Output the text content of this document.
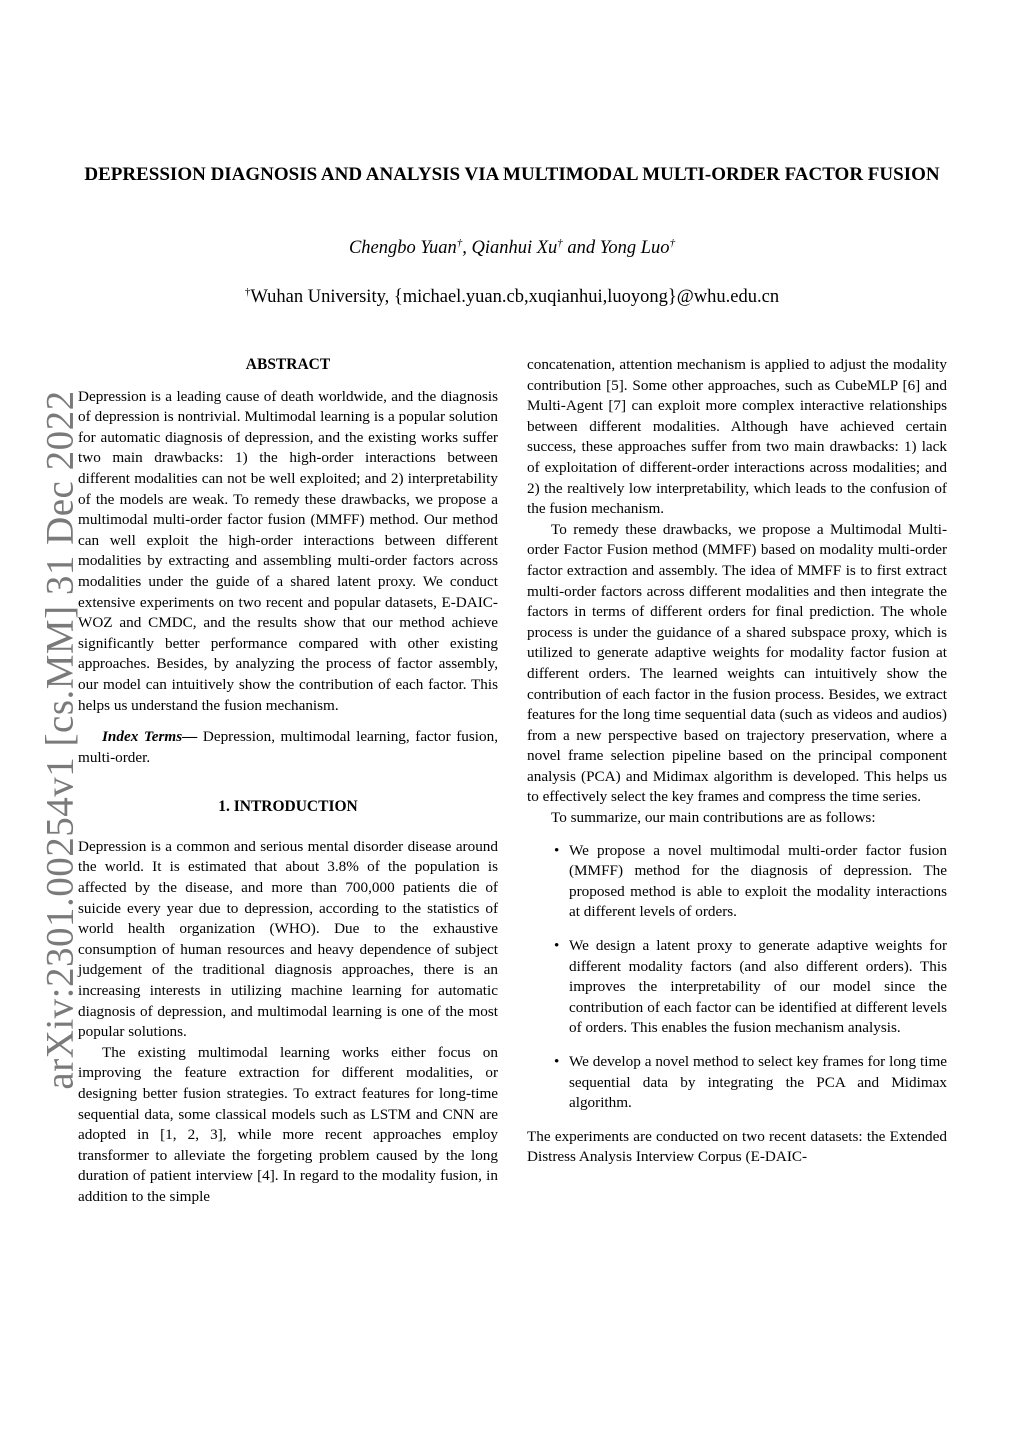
arXiv:2301.00254v1 [cs.MM] 31 Dec 2022
DEPRESSION DIAGNOSIS AND ANALYSIS VIA MULTIMODAL MULTI-ORDER FACTOR FUSION
Chengbo Yuan†, Qianhui Xu† and Yong Luo†
†Wuhan University, {michael.yuan.cb,xuqianhui,luoyong}@whu.edu.cn
ABSTRACT

Depression is a leading cause of death worldwide, and the diagnosis of depression is nontrivial. Multimodal learning is a popular solution for automatic diagnosis of depression, and the existing works suffer two main drawbacks: 1) the high-order interactions between different modalities can not be well exploited; and 2) interpretability of the models are weak. To remedy these drawbacks, we propose a multimodal multi-order factor fusion (MMFF) method. Our method can well exploit the high-order interactions between different modalities by extracting and assembling multi-order factors across modalities under the guide of a shared latent proxy. We conduct extensive experiments on two recent and popular datasets, E-DAIC-WOZ and CMDC, and the results show that our method achieve significantly better performance compared with other existing approaches. Besides, by analyzing the process of factor assembly, our model can intuitively show the contribution of each factor. This helps us understand the fusion mechanism.

Index Terms— Depression, multimodal learning, factor fusion, multi-order.

1. INTRODUCTION

Depression is a common and serious mental disorder disease around the world. It is estimated that about 3.8% of the population is affected by the disease, and more than 700,000 patients die of suicide every year due to depression, according to the statistics of world health organization (WHO). Due to the exhaustive consumption of human resources and heavy dependence of subject judgement of the traditional diagnosis approaches, there is an increasing interests in utilizing machine learning for automatic diagnosis of depression, and multimodal learning is one of the most popular solutions.

The existing multimodal learning works either focus on improving the feature extraction for different modalities, or designing better fusion strategies. To extract features for long-time sequential data, some classical models such as LSTM and CNN are adopted in [1, 2, 3], while more recent approaches employ transformer to alleviate the forgeting problem caused by the long duration of patient interview [4]. In regard to the modality fusion, in addition to the simple

concatenation, attention mechanism is applied to adjust the modality contribution [5]. Some other approaches, such as CubeMLP [6] and Multi-Agent [7] can exploit more complex interactive relationships between different modalities. Although have achieved certain success, these approaches suffer from two main drawbacks: 1) lack of exploitation of different-order interactions across modalities; and 2) the realtively low interpretability, which leads to the confusion of the fusion mechanism.

To remedy these drawbacks, we propose a Multimodal Multi-order Factor Fusion method (MMFF) based on modality multi-order factor extraction and assembly. The idea of MMFF is to first extract multi-order factors across different modalities and then integrate the factors in terms of different orders for final prediction. The whole process is under the guidance of a shared subspace proxy, which is utilized to generate adaptive weights for modality factor fusion at different orders. The learned weights can intuitively show the contribution of each factor in the fusion process. Besides, we extract features for the long time sequential data (such as videos and audios) from a new perspective based on trajectory preservation, where a novel frame selection pipeline based on the principal component analysis (PCA) and Midimax algorithm is developed. This helps us to effectively select the key frames and compress the time series.

To summarize, our main contributions are as follows:

• We propose a novel multimodal multi-order factor fusion (MMFF) method for the diagnosis of depression. The proposed method is able to exploit the modality interactions at different levels of orders.
• We design a latent proxy to generate adaptive weights for different modality factors (and also different orders). This improves the interpretability of our model since the contribution of each factor can be identified at different levels of orders. This enables the fusion mechanism analysis.
• We develop a novel method to select key frames for long time sequential data by integrating the PCA and Midimax algorithm.

The experiments are conducted on two recent datasets: the Extended Distress Analysis Interview Corpus (E-DAIC-
